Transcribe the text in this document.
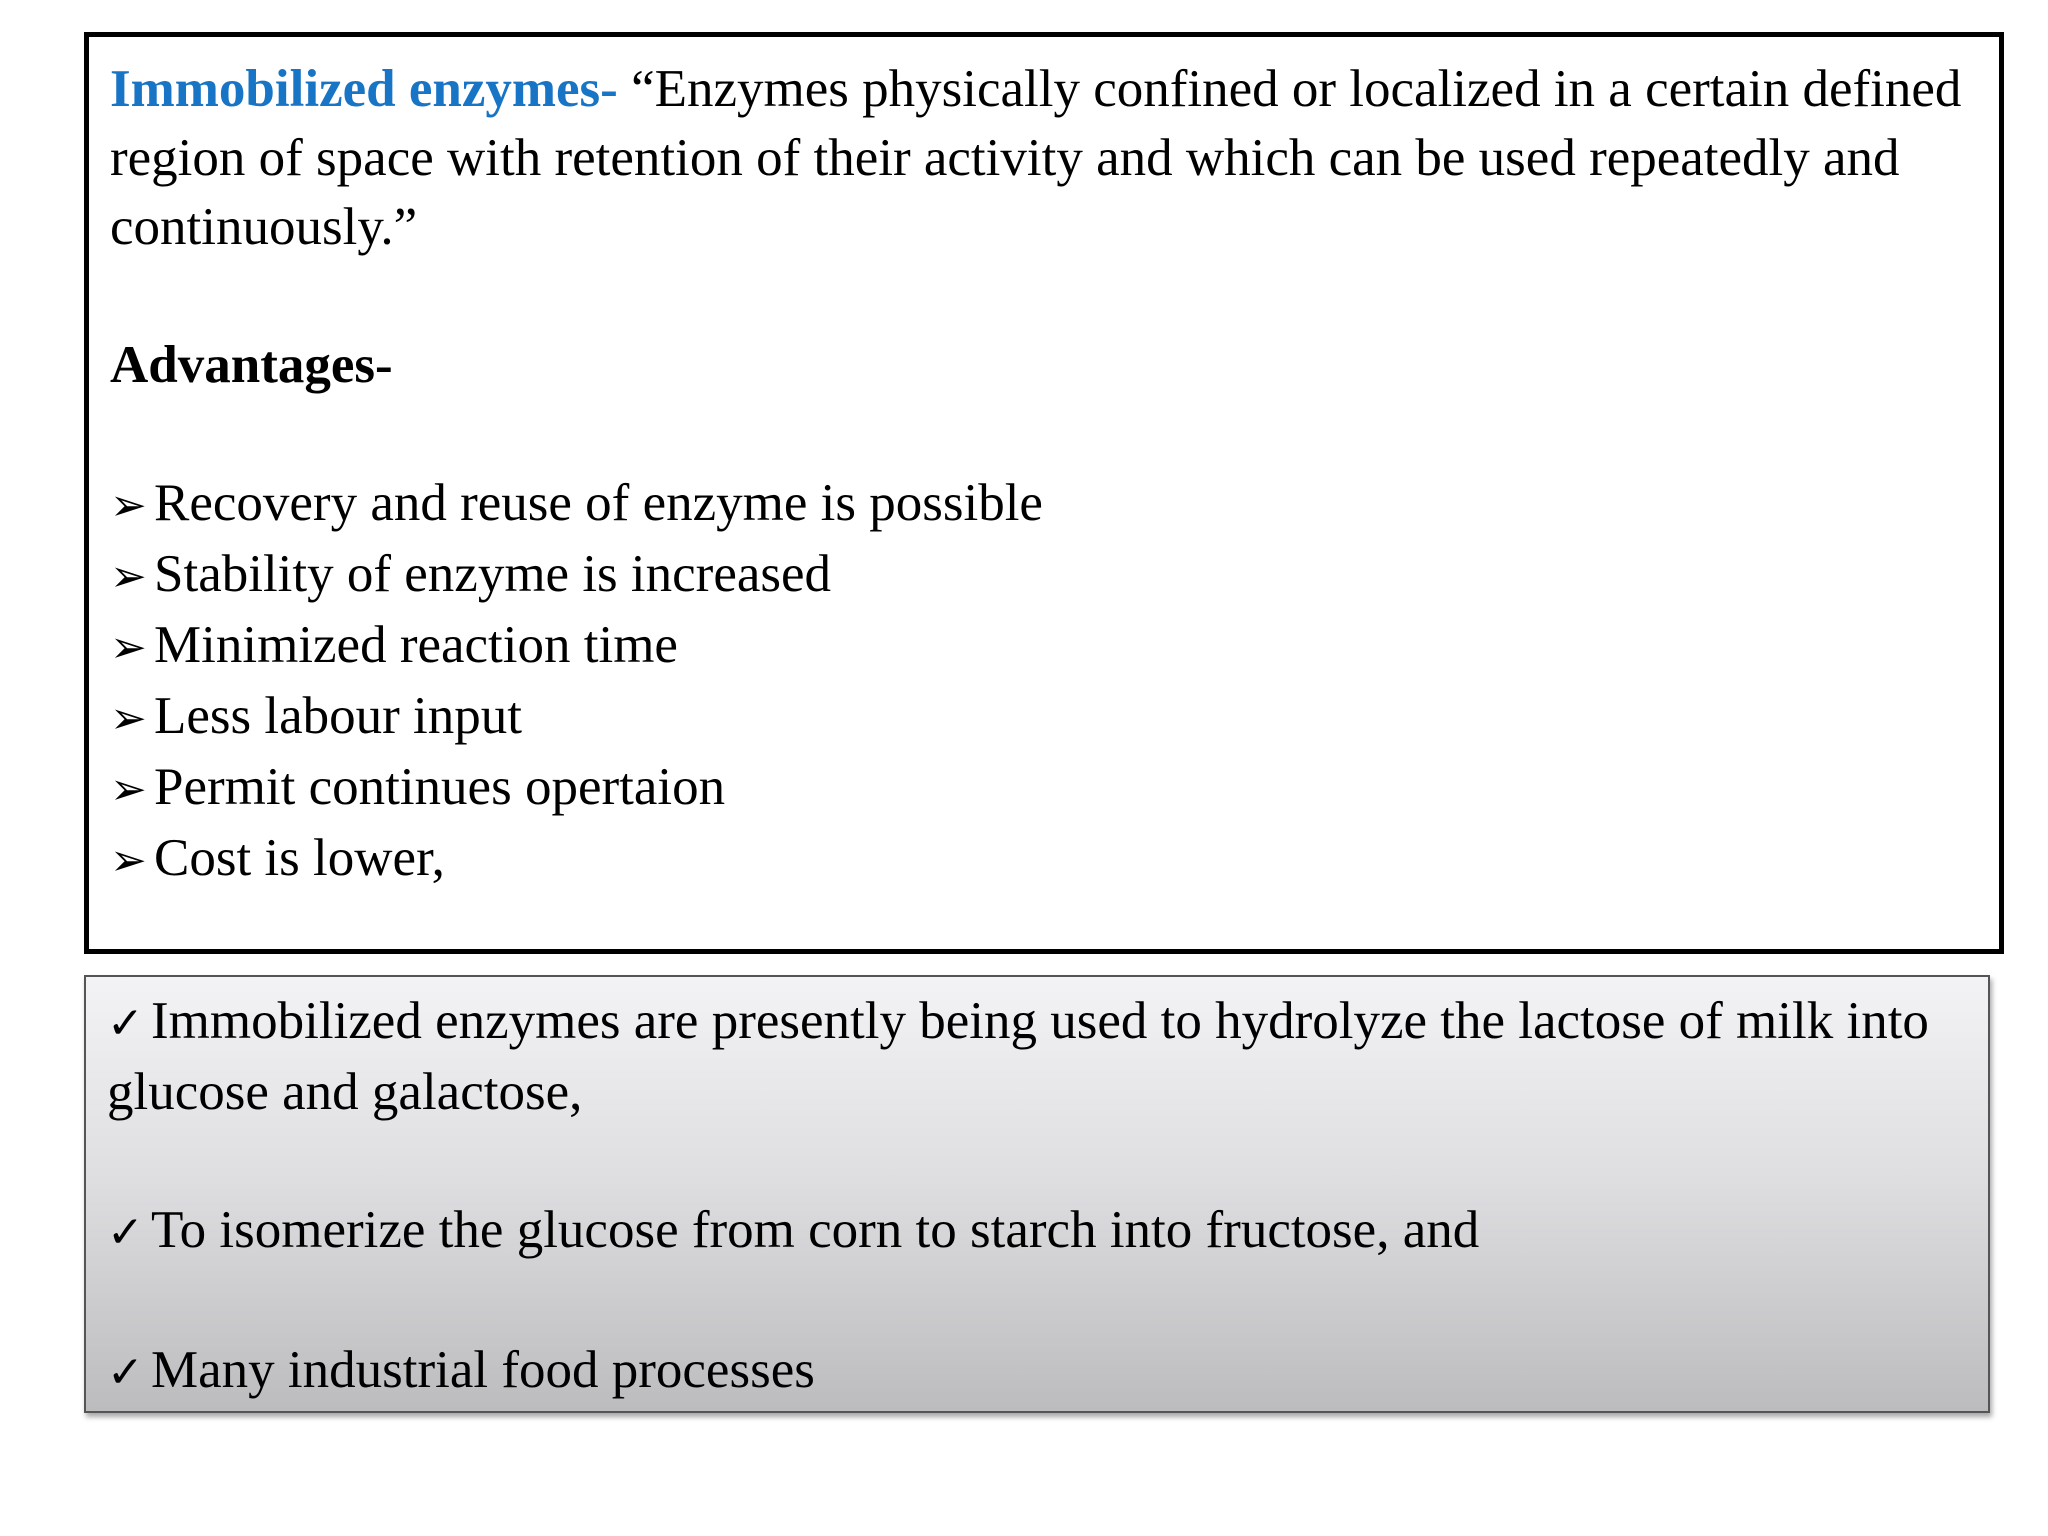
Immobilized enzymes- “Enzymes physically confined or localized in a certain defined region of space with retention of their activity and which can be used repeatedly and continuously.”

Advantages-
➢ Recovery and reuse of enzyme is possible
➢ Stability of enzyme is increased
➢ Minimized reaction time
➢ Less labour input
➢ Permit continues opertaion
➢ Cost is lower,
✓ Immobilized enzymes are presently being used to hydrolyze the lactose of milk into glucose and galactose,
✓ To isomerize the glucose from corn to starch into fructose, and
✓ Many industrial food processes
